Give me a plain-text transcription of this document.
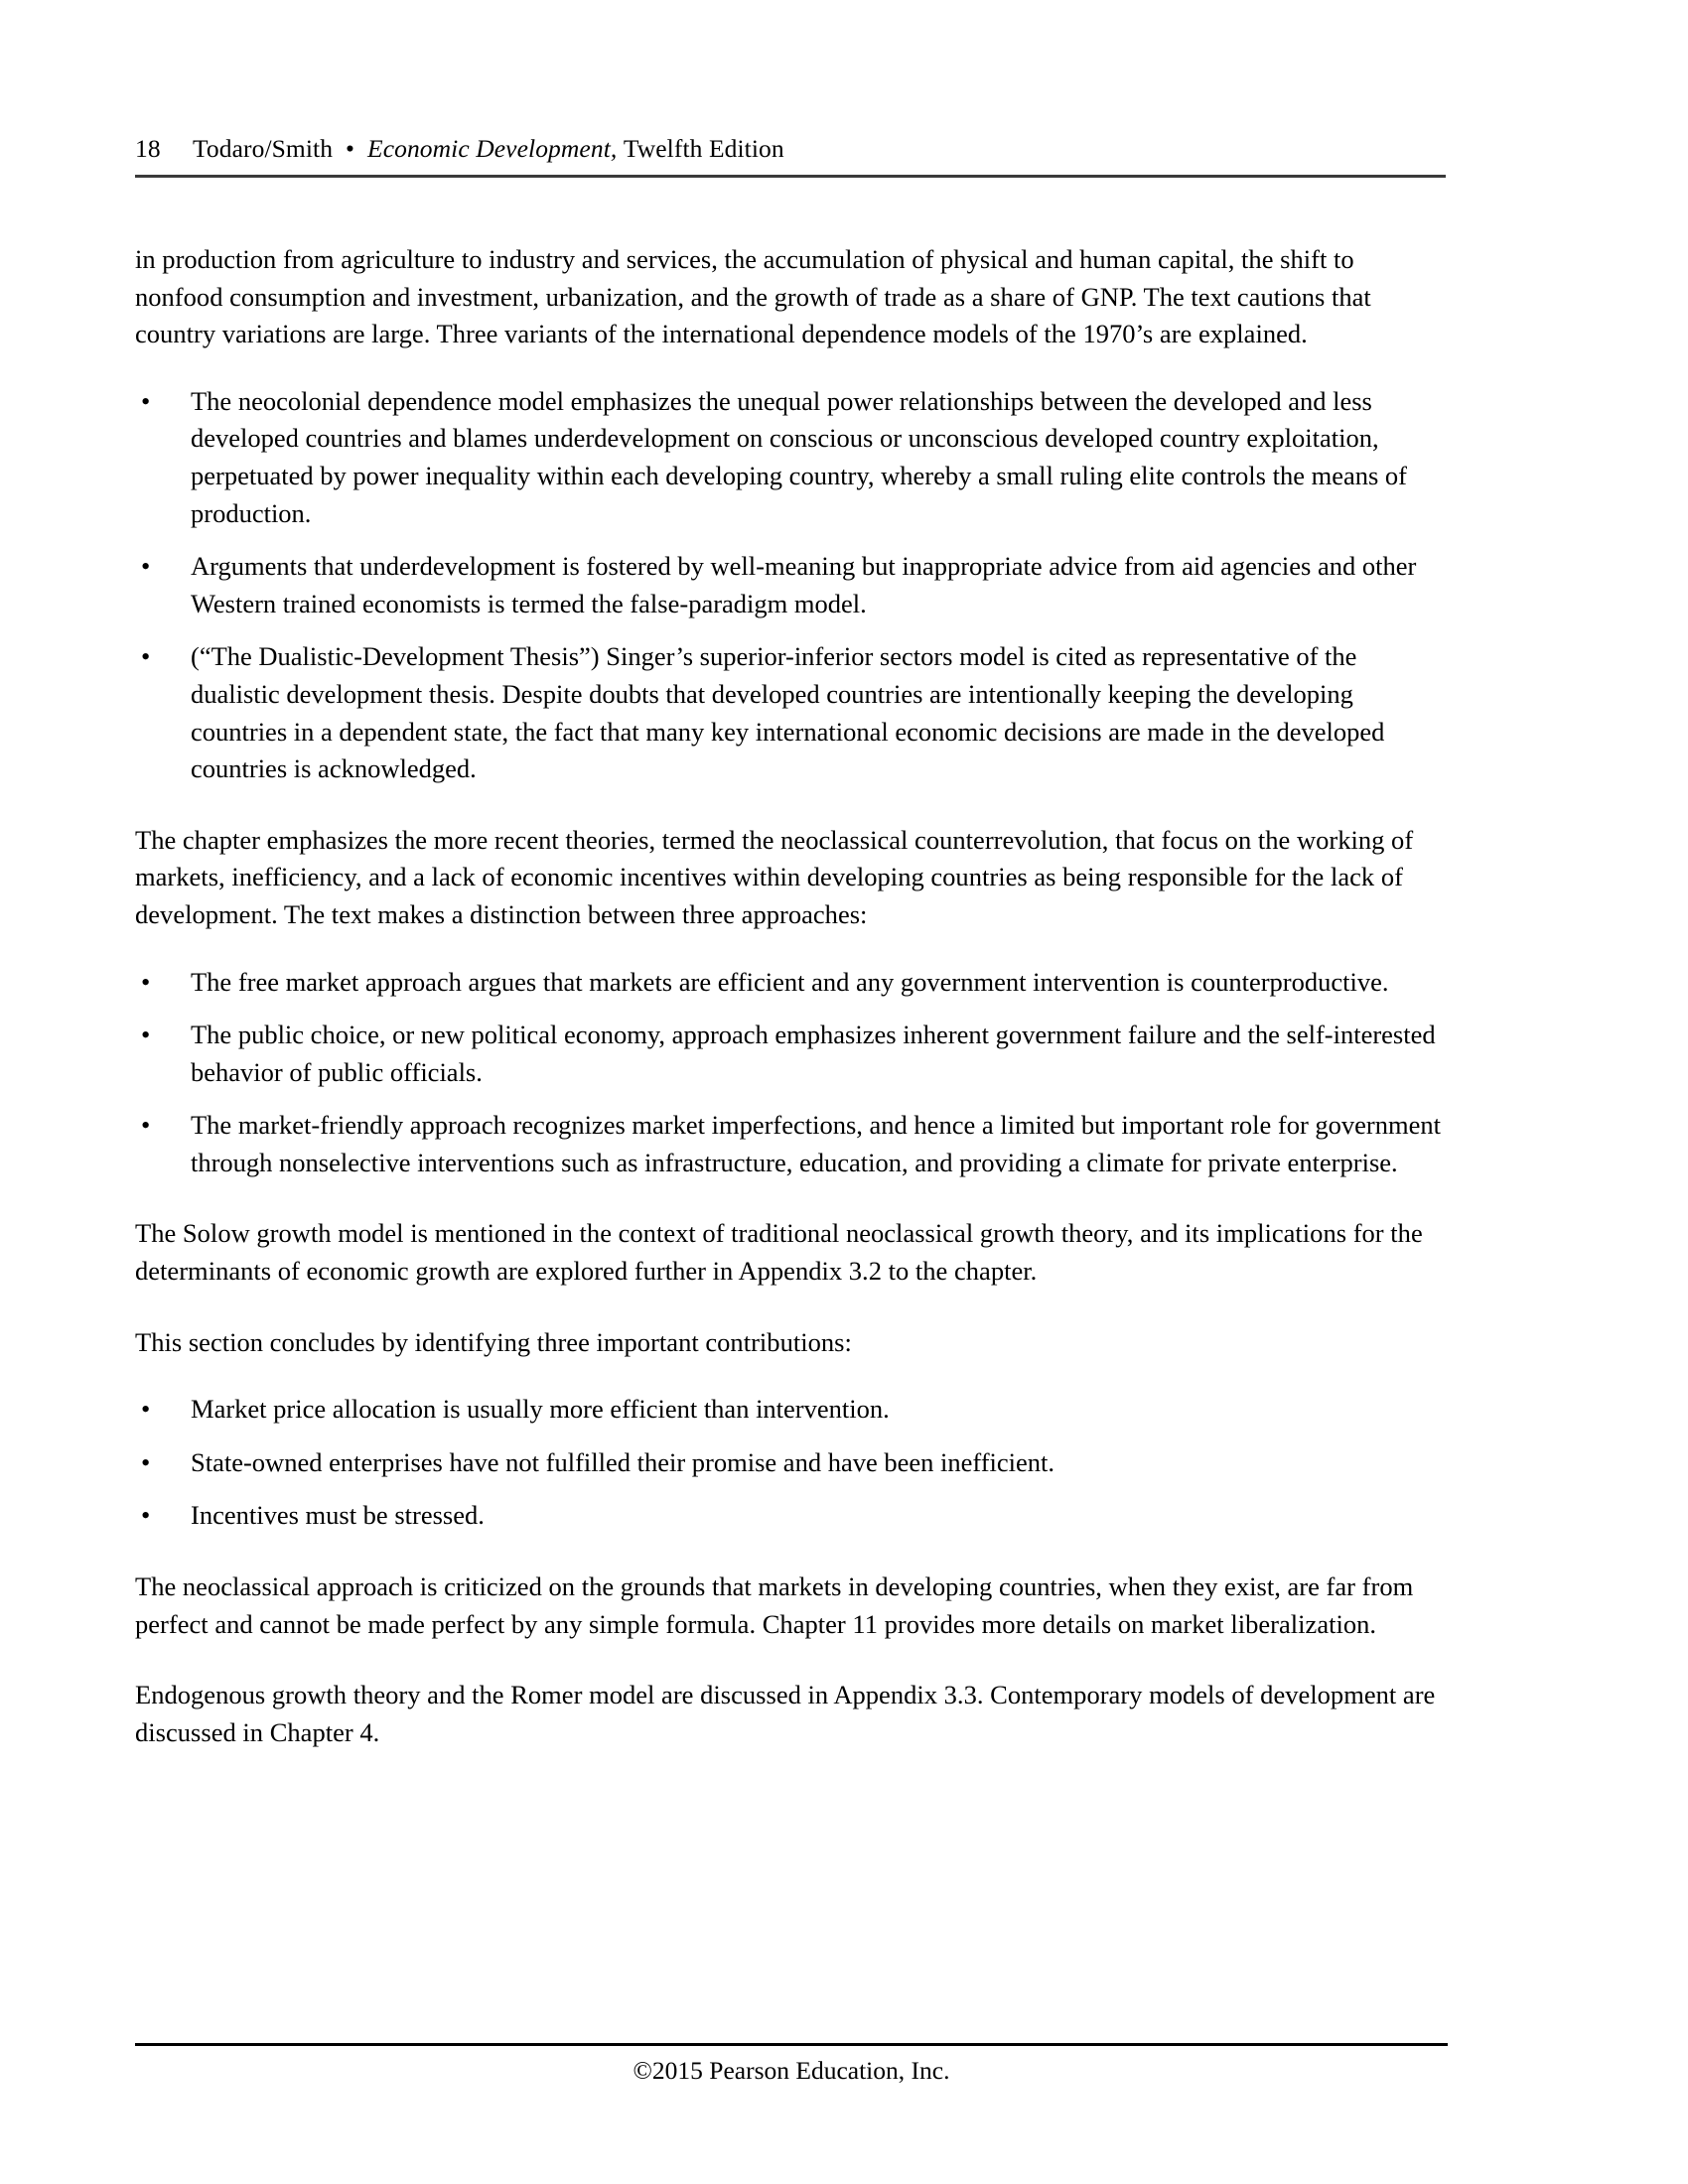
18 Todaro/Smith • Economic Development, Twelfth Edition

in production from agriculture to industry and services, the accumulation of physical and human capital, the shift to nonfood consumption and investment, urbanization, and the growth of trade as a share of GNP. The text cautions that country variations are large. Three variants of the international dependence models of the 1970’s are explained.

• The neocolonial dependence model emphasizes the unequal power relationships between the developed and less developed countries and blames underdevelopment on conscious or unconscious developed country exploitation, perpetuated by power inequality within each developing country, whereby a small ruling elite controls the means of production.
• Arguments that underdevelopment is fostered by well-meaning but inappropriate advice from aid agencies and other Western trained economists is termed the false-paradigm model.
• (“The Dualistic-Development Thesis”) Singer’s superior-inferior sectors model is cited as representative of the dualistic development thesis. Despite doubts that developed countries are intentionally keeping the developing countries in a dependent state, the fact that many key international economic decisions are made in the developed countries is acknowledged.

The chapter emphasizes the more recent theories, termed the neoclassical counterrevolution, that focus on the working of markets, inefficiency, and a lack of economic incentives within developing countries as being responsible for the lack of development. The text makes a distinction between three approaches:

• The free market approach argues that markets are efficient and any government intervention is counterproductive.
• The public choice, or new political economy, approach emphasizes inherent government failure and the self-interested behavior of public officials.
• The market-friendly approach recognizes market imperfections, and hence a limited but important role for government through nonselective interventions such as infrastructure, education, and providing a climate for private enterprise.

The Solow growth model is mentioned in the context of traditional neoclassical growth theory, and its implications for the determinants of economic growth are explored further in Appendix 3.2 to the chapter.

This section concludes by identifying three important contributions:

• Market price allocation is usually more efficient than intervention.
• State-owned enterprises have not fulfilled their promise and have been inefficient.
• Incentives must be stressed.

The neoclassical approach is criticized on the grounds that markets in developing countries, when they exist, are far from perfect and cannot be made perfect by any simple formula. Chapter 11 provides more details on market liberalization.

Endogenous growth theory and the Romer model are discussed in Appendix 3.3. Contemporary models of development are discussed in Chapter 4.

©2015 Pearson Education, Inc.
